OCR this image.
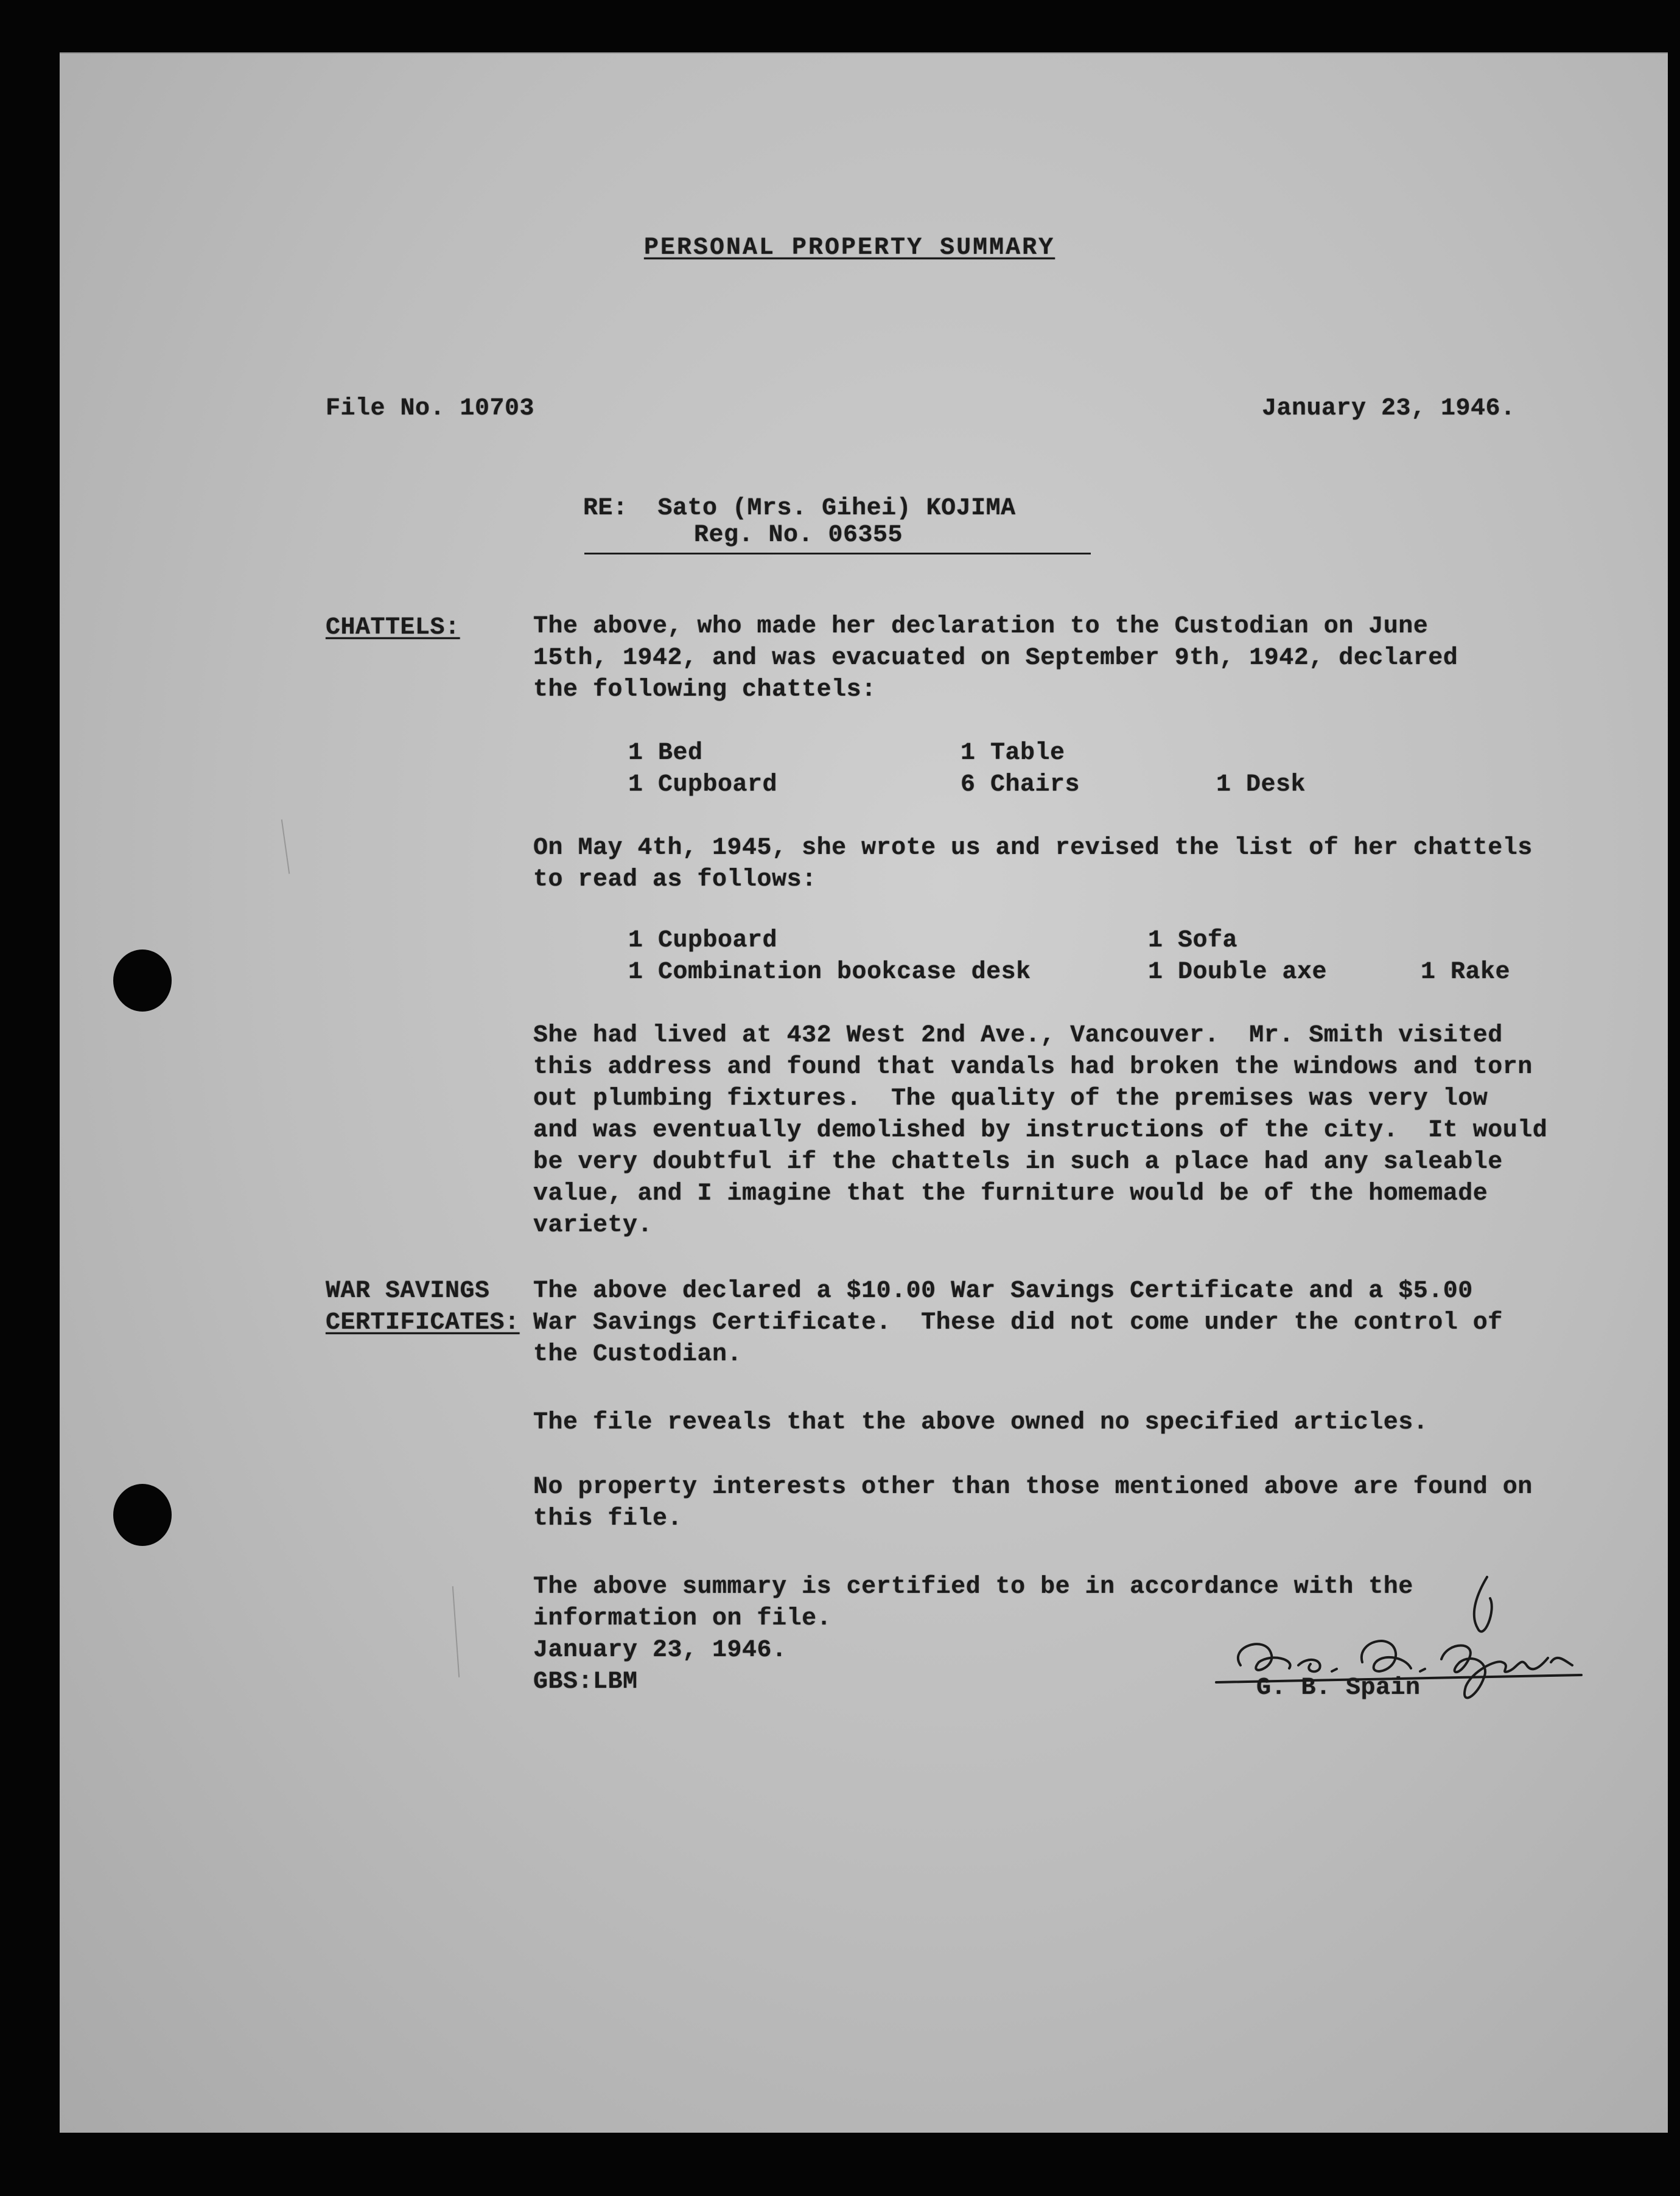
PERSONAL PROPERTY SUMMARY
File No. 10703	January 23, 1946.
RE:  Sato (Mrs. Gihei) KOJIMA
Reg. No. 06355
CHATTELS:	The above, who made her declaration to the Custodian on June
15th, 1942, and was evacuated on September 9th, 1942, declared
the following chattels:
1 Bed	1 Table
1 Cupboard	6 Chairs	1 Desk
On May 4th, 1945, she wrote us and revised the list of her chattels
to read as follows:
1 Cupboard	1 Sofa
1 Combination bookcase desk	1 Double axe	1 Rake
She had lived at 432 West 2nd Ave., Vancouver.  Mr. Smith visited
this address and found that vandals had broken the windows and torn
out plumbing fixtures.  The quality of the premises was very low
and was eventually demolished by instructions of the city.  It would
be very doubtful if the chattels in such a place had any saleable
value, and I imagine that the furniture would be of the homemade
variety.
WAR SAVINGS
CERTIFICATES:
The above declared a $10.00 War Savings Certificate and a $5.00
War Savings Certificate.  These did not come under the control of
the Custodian.
The file reveals that the above owned no specified articles.
No property interests other than those mentioned above are found on
this file.
The above summary is certified to be in accordance with the
information on file.
January 23, 1946.
GBS:LBM	G. B. Spain
